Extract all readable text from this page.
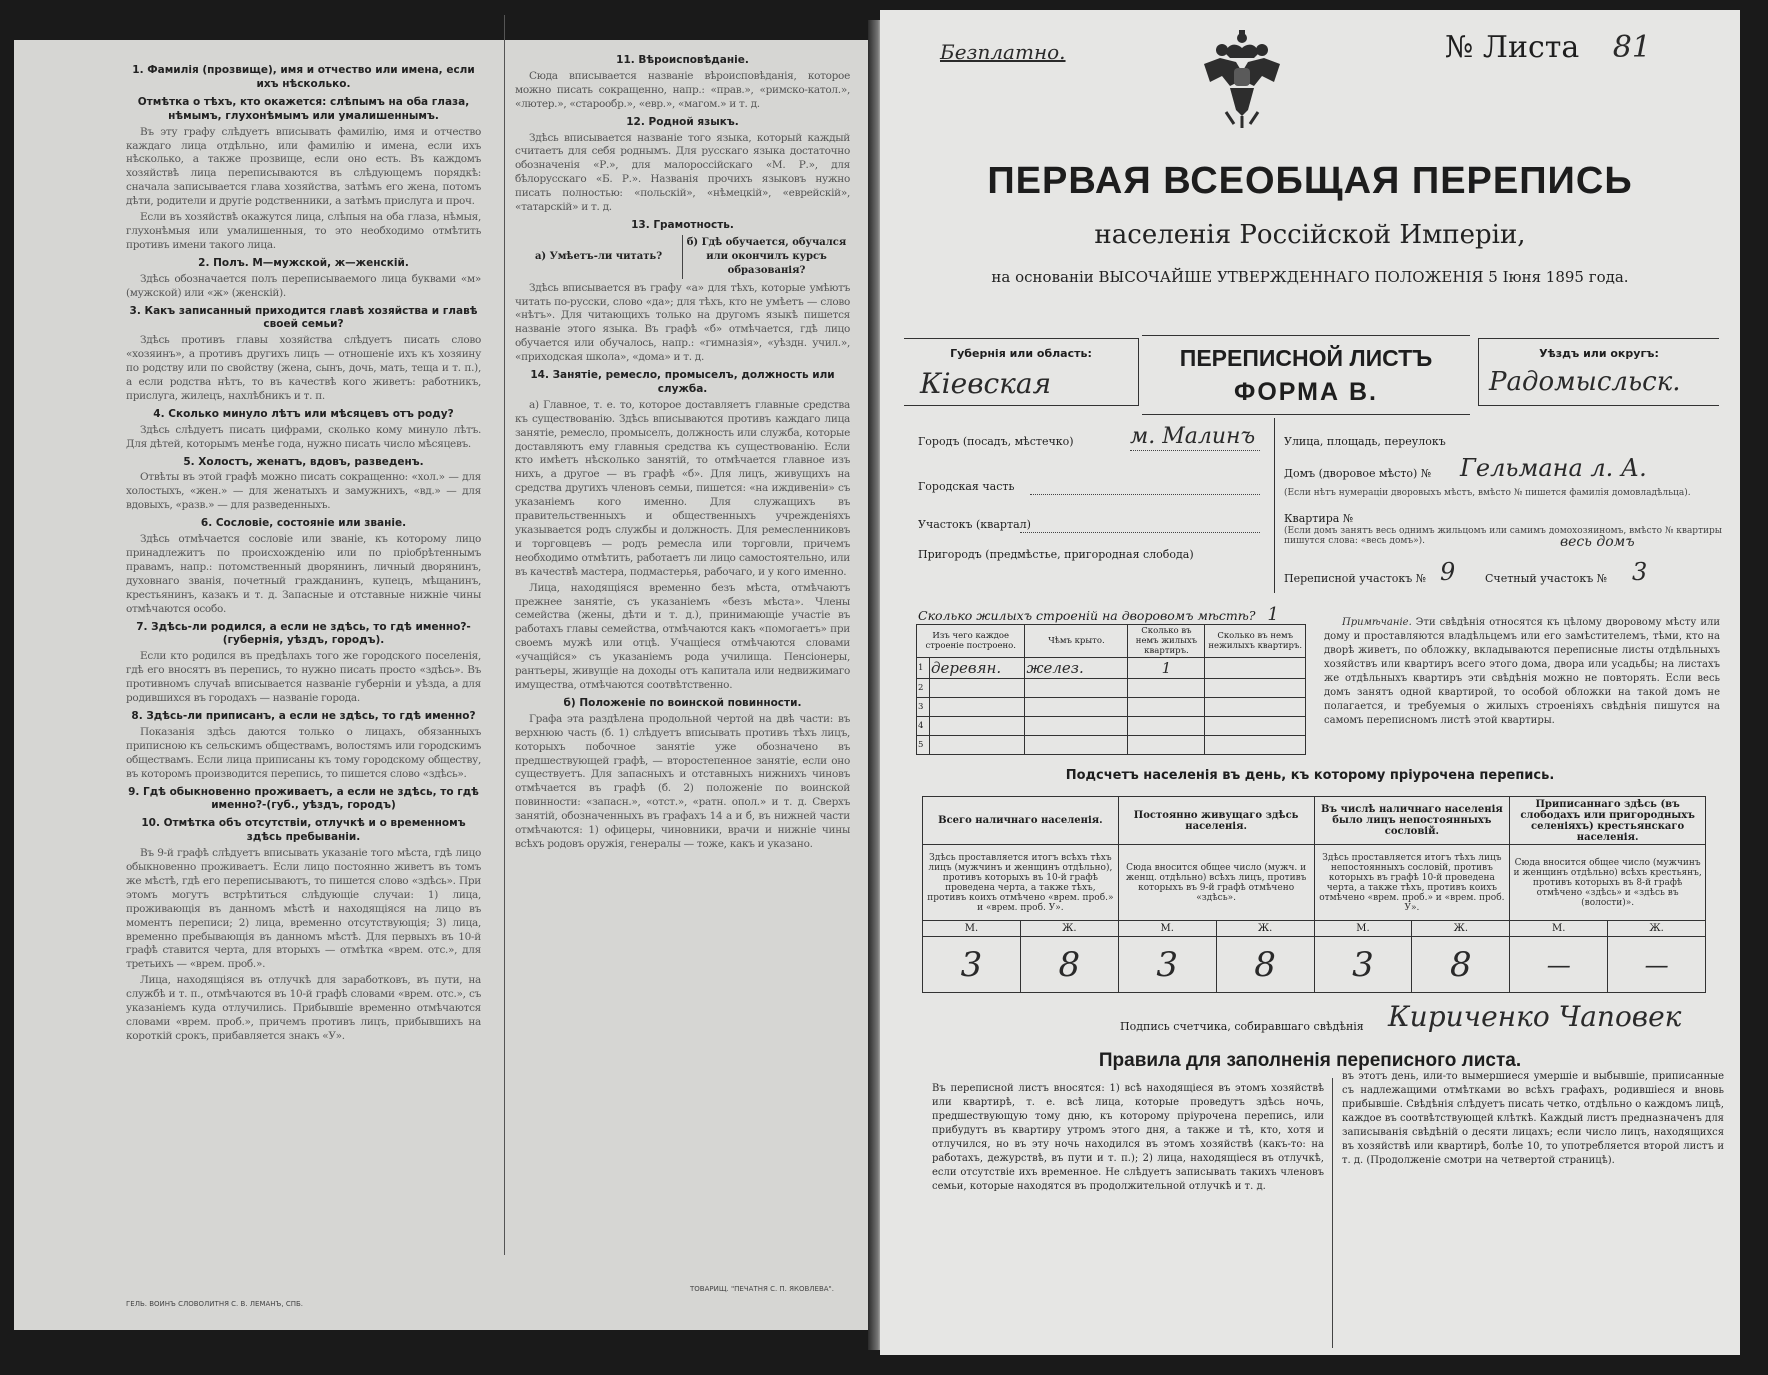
1. Фамилія (прозвище), имя и отчество или имена, если ихъ нѣсколько.

Отмѣтка о тѣхъ, кто окажется: слѣпымъ на оба глаза, нѣмымъ, глухонѣмымъ или умалишеннымъ.

Въ эту графу слѣдуетъ вписывать фамилію, имя и отчество каждаго лица отдѣльно, или фамилію и имена, если ихъ нѣсколько, а также прозвище, если оно есть. Въ каждомъ хозяйствѣ лица переписываются въ слѣдующемъ порядкѣ: сначала записывается глава хозяйства, затѣмъ его жена, потомъ дѣти, родители и другіе родственники, а затѣмъ прислуга и проч.

Если въ хозяйствѣ окажутся лица, слѣпыя на оба глаза, нѣмыя, глухонѣмыя или умалишенныя, то это необходимо отмѣтить противъ имени такого лица.

2. Полъ. М—мужской, ж—женскій.

Здѣсь обозначается полъ переписываемого лица буквами «м» (мужской) или «ж» (женскій).

3. Какъ записанный приходится главѣ хозяйства и главѣ своей семьи?

Здѣсь противъ главы хозяйства слѣдуетъ писать слово «хозяинъ», а противъ другихъ лицъ — отношеніе ихъ къ хозяину по родству или по свойству (жена, сынъ, дочь, мать, теща и т. п.), а если родства нѣтъ, то въ качествѣ кого живетъ: работникъ, прислуга, жилецъ, нахлѣбникъ и т. п.

4. Сколько минуло лѣтъ или мѣсяцевъ отъ роду?

Здѣсь слѣдуетъ писать цифрами, сколько кому минуло лѣтъ. Для дѣтей, которымъ менѣе года, нужно писать число мѣсяцевъ.

5. Холостъ, женатъ, вдовъ, разведенъ.

Отвѣты въ этой графѣ можно писать сокращенно: «хол.» — для холостыхъ, «жен.» — для женатыхъ и замужнихъ, «вд.» — для вдовыхъ, «разв.» — для разведенныхъ.

6. Сословіе, состояніе или званіе.

Здѣсь отмѣчается сословіе или званіе, къ которому лицо принадлежитъ по происхожденію или по пріобрѣтеннымъ правамъ, напр.: потомственный дворянинъ, личный дворянинъ, духовнаго званія, почетный гражданинъ, купецъ, мѣщанинъ, крестьянинъ, казакъ и т. д. Запасные и отставные нижніе чины отмѣчаются особо.

7. Здѣсь-ли родился, а если не здѣсь, то гдѣ именно?-(губернія, уѣздъ, городъ).

Если кто родился въ предѣлахъ того же городского поселенія, гдѣ его вносятъ въ перепись, то нужно писать просто «здѣсь». Въ противномъ случаѣ вписывается названіе губерніи и уѣзда, а для родившихся въ городахъ — названіе города.

8. Здѣсь-ли приписанъ, а если не здѣсь, то гдѣ именно?

Показанія здѣсь даются только о лицахъ, обязанныхъ приписною къ сельскимъ обществамъ, волостямъ или городскимъ обществамъ. Если лица приписаны къ тому городскому обществу, въ которомъ производится перепись, то пишется слово «здѣсь».

9. Гдѣ обыкновенно проживаетъ, а если не здѣсь, то гдѣ именно?-(губ., уѣздъ, городъ)

10. Отмѣтка объ отсутствіи, отлучкѣ и о временномъ здѣсь пребываніи.

Въ 9-й графѣ слѣдуетъ вписывать указаніе того мѣста, гдѣ лицо обыкновенно проживаетъ. Если лицо постоянно живетъ въ томъ же мѣстѣ, гдѣ его переписываютъ, то пишется слово «здѣсь». При этомъ могутъ встрѣтиться слѣдующіе случаи: 1) лица, проживающія въ данномъ мѣстѣ и находящіяся на лицо въ моментъ переписи; 2) лица, временно отсутствующія; 3) лица, временно пребывающія въ данномъ мѣстѣ. Для первыхъ въ 10-й графѣ ставится черта, для вторыхъ — отмѣтка «врем. отс.», для третьихъ — «врем. проб.».

Лица, находящіяся въ отлучкѣ для заработковъ, въ пути, на службѣ и т. п., отмѣчаются въ 10-й графѣ словами «врем. отс.», съ указаніемъ куда отлучились. Прибывшіе временно отмѣчаются словами «врем. проб.», причемъ противъ лицъ, прибывшихъ на короткій срокъ, прибавляется знакъ «У».

11. Вѣроисповѣданіе.

Сюда вписывается названіе вѣроисповѣданія, которое можно писать сокращенно, напр.: «прав.», «римско-катол.», «лютер.», «старообр.», «евр.», «магом.» и т. д.

12. Родной языкъ.

Здѣсь вписывается названіе того языка, который каждый считаетъ для себя роднымъ. Для русскаго языка достаточно обозначенія «Р.», для малороссійскаго «М. Р.», для бѣлорусскаго «Б. Р.». Названія прочихъ языковъ нужно писать полностью: «польскій», «нѣмецкій», «еврейскій», «татарскій» и т. д.

13. Грамотность.

а) Умѣетъ-ли читать?	б) Гдѣ обучается, обучался или окончилъ курсъ образованія?

Здѣсь вписывается въ графу «а» для тѣхъ, которые умѣютъ читать по-русски, слово «да»; для тѣхъ, кто не умѣетъ — слово «нѣтъ». Для читающихъ только на другомъ языкѣ пишется названіе этого языка. Въ графѣ «б» отмѣчается, гдѣ лицо обучается или обучалось, напр.: «гимназія», «уѣздн. учил.», «приходская школа», «дома» и т. д.

14. Занятіе, ремесло, промыселъ, должность или служба.

а) Главное, т. е. то, которое доставляетъ главные средства къ существованію. Здѣсь вписываются противъ каждаго лица занятіе, ремесло, промыселъ, должность или служба, которые доставляютъ ему главныя средства къ существованію. Если кто имѣетъ нѣсколько занятій, то отмѣчается главное изъ нихъ, а другое — въ графѣ «б». Для лицъ, живущихъ на средства другихъ членовъ семьи, пишется: «на иждивеніи» съ указаніемъ кого именно. Для служащихъ въ правительственныхъ и общественныхъ учрежденіяхъ указывается родъ службы и должность. Для ремесленниковъ и торговцевъ — родъ ремесла или торговли, причемъ необходимо отмѣтить, работаетъ ли лицо самостоятельно, или въ качествѣ мастера, подмастерья, рабочаго, и у кого именно.

Лица, находящіяся временно безъ мѣста, отмѣчаютъ прежнее занятіе, съ указаніемъ «безъ мѣста». Члены семейства (жены, дѣти и т. д.), принимающіе участіе въ работахъ главы семейства, отмѣчаются какъ «помогаетъ» при своемъ мужѣ или отцѣ. Учащіеся отмѣчаются словами «учащійся» съ указаніемъ рода училища. Пенсіонеры, рантьеры, живущіе на доходы отъ капитала или недвижимаго имущества, отмѣчаются соотвѣтственно.

б) Положеніе по воинской повинности.

Графа эта раздѣлена продольной чертой на двѣ части: въ верхнюю часть (б. 1) слѣдуетъ вписывать противъ тѣхъ лицъ, которыхъ побочное занятіе уже обозначено въ предшествующей графѣ, — второстепенное занятіе, если оно существуетъ. Для запасныхъ и отставныхъ нижнихъ чиновъ отмѣчается въ графѣ (б. 2) положеніе по воинской повинности: «запасн.», «отст.», «ратн. опол.» и т. д. Сверхъ занятій, обозначенныхъ въ графахъ 14 а и б, въ нижней части отмѣчаются: 1) офицеры, чиновники, врачи и нижніе чины всѣхъ родовъ оружія, генералы — тоже, какъ и указано.

ГЕЛЬ. ВОИНЪ СЛОВОЛИТНЯ С. В. ЛЕМАНЪ, СПБ.
ТОВАРИЩ. "ПЕЧАТНЯ С. П. ЯКОВЛЕВА".
Безплатно.	№ Листа 81
ПЕРВАЯ ВСЕОБЩАЯ ПЕРЕПИСЬ
населенія Россійской Имперіи,
на основаніи ВЫСОЧАЙШЕ УТВЕРЖДЕННАГО ПОЛОЖЕНІЯ 5 Іюня 1895 года.
Губернія или область:
Кіевская
ПЕРЕПИСНОЙ ЛИСТЪ
ФОРМА В.
Уѣздъ или округъ:
Радомысльск.
Городъ (посадъ, мѣстечко)	м. Малинъ	Улица, площадь, переулокъ
Домъ (дворовое мѣсто) № Гельмана л. А.
(Если нѣтъ нумераціи дворовыхъ мѣстъ, вмѣсто № пишется фамилія домовладѣльца).
Городская часть
Квартира №
(Если домъ занятъ весь однимъ жильцомъ или самимъ домохозяиномъ, вмѣсто № квартиры пишутся слова: «весь домъ»).	весь домъ
Участокъ (квартал)
Пригородъ (предмѣстье, пригородная слобода)
Переписной участокъ № 9	Счетный участокъ № 3
Сколько жилыхъ строеній на дворовомъ мѣстѣ? 1
Изъ чего каждое строеніе построено.		Чѣмъ крыто.	Сколько въ немъ жилыхъ квартиръ.	Сколько въ немъ нежилыхъ квартиръ.
1	деревян.	желез.	1	
2				
3				
4				
5				
Примѣчаніе. Эти свѣдѣнія относятся къ цѣлому дворовому мѣсту или дому и проставляются владѣльцемъ или его замѣстителемъ, тѣми, кто на дворѣ живетъ, по обложку, вкладываются переписные листы отдѣльныхъ хозяйствъ или квартиръ всего этого дома, двора или усадьбы; на листахъ же отдѣльныхъ квартиръ эти свѣдѣнія можно не повторять. Если весь домъ занятъ одной квартирой, то особой обложки на такой домъ не полагается, и требуемыя о жилыхъ строеніяхъ свѣдѣнія пишутся на самомъ переписномъ листѣ этой квартиры.
Подсчетъ населенія въ день, къ которому пріурочена перепись.
Всего наличнаго населенія.		Постоянно живущаго здѣсь населенія.		Въ числѣ наличнаго населенія было лицъ непостоянныхъ сословій.		Приписаннаго здѣсь (въ слободахъ или пригородныхъ селеніяхъ) крестьянскаго населенія.	
Здѣсь проставляется итогъ всѣхъ тѣхъ лицъ (мужчинъ и женщинъ отдѣльно), противъ которыхъ въ 10-й графѣ проведена черта, а также тѣхъ, противъ коихъ отмѣчено «врем. проб.» и «врем. проб. У».		Сюда вносится общее число (мужч. и женщ. отдѣльно) всѣхъ лицъ, противъ которыхъ въ 9-й графѣ отмѣчено «здѣсь».		Здѣсь проставляется итогъ тѣхъ лицъ непостоянныхъ сословій, противъ которыхъ въ графѣ 10-й проведена черта, а также тѣхъ, противъ коихъ отмѣчено «врем. проб.» и «врем. проб. У».		Сюда вносится общее число (мужчинъ и женщинъ отдѣльно) всѣхъ крестьянъ, противъ которыхъ въ 8-й графѣ отмѣчено «здѣсь» и «здѣсь въ (волости)».	
М.	Ж.	М.	Ж.	М.	Ж.	М.	Ж.
3	8	3	8	3	8	—	—
Подпись счетчика, собиравшаго свѣдѣнія Кириченко Чаповек
Правила для заполненія переписного листа.
Въ переписной листъ вносятся: 1) всѣ находящіеся въ этомъ хозяйствѣ или квартирѣ, т. е. всѣ лица, которые проведутъ здѣсь ночь, предшествующую тому дню, къ которому пріурочена перепись, или прибудутъ въ квартиру утромъ этого дня, а также и тѣ, кто, хотя и отлучился, но въ эту ночь находился въ этомъ хозяйствѣ (какъ-то: на работахъ, дежурствѣ, въ пути и т. п.); 2) лица, находящіеся въ отлучкѣ, если отсутствіе ихъ временное. Не слѣдуетъ записывать такихъ членовъ семьи, которые находятся въ продолжительной отлучкѣ и т. д.
въ этотъ день, или-то вымершиеся умершіе и выбывшіе, приписанные съ надлежащими отмѣтками во всѣхъ графахъ, родившіеся и вновь прибывшіе. Свѣдѣнія слѣдуетъ писать четко, отдѣльно о каждомъ лицѣ, каждое въ соотвѣтствующей клѣткѣ. Каждый листъ предназначенъ для записыванія свѣдѣній о десяти лицахъ; если число лицъ, находящихся въ хозяйствѣ или квартирѣ, болѣе 10, то употребляется второй листъ и т. д. (Продолженіе смотри на четвертой страницѣ).
